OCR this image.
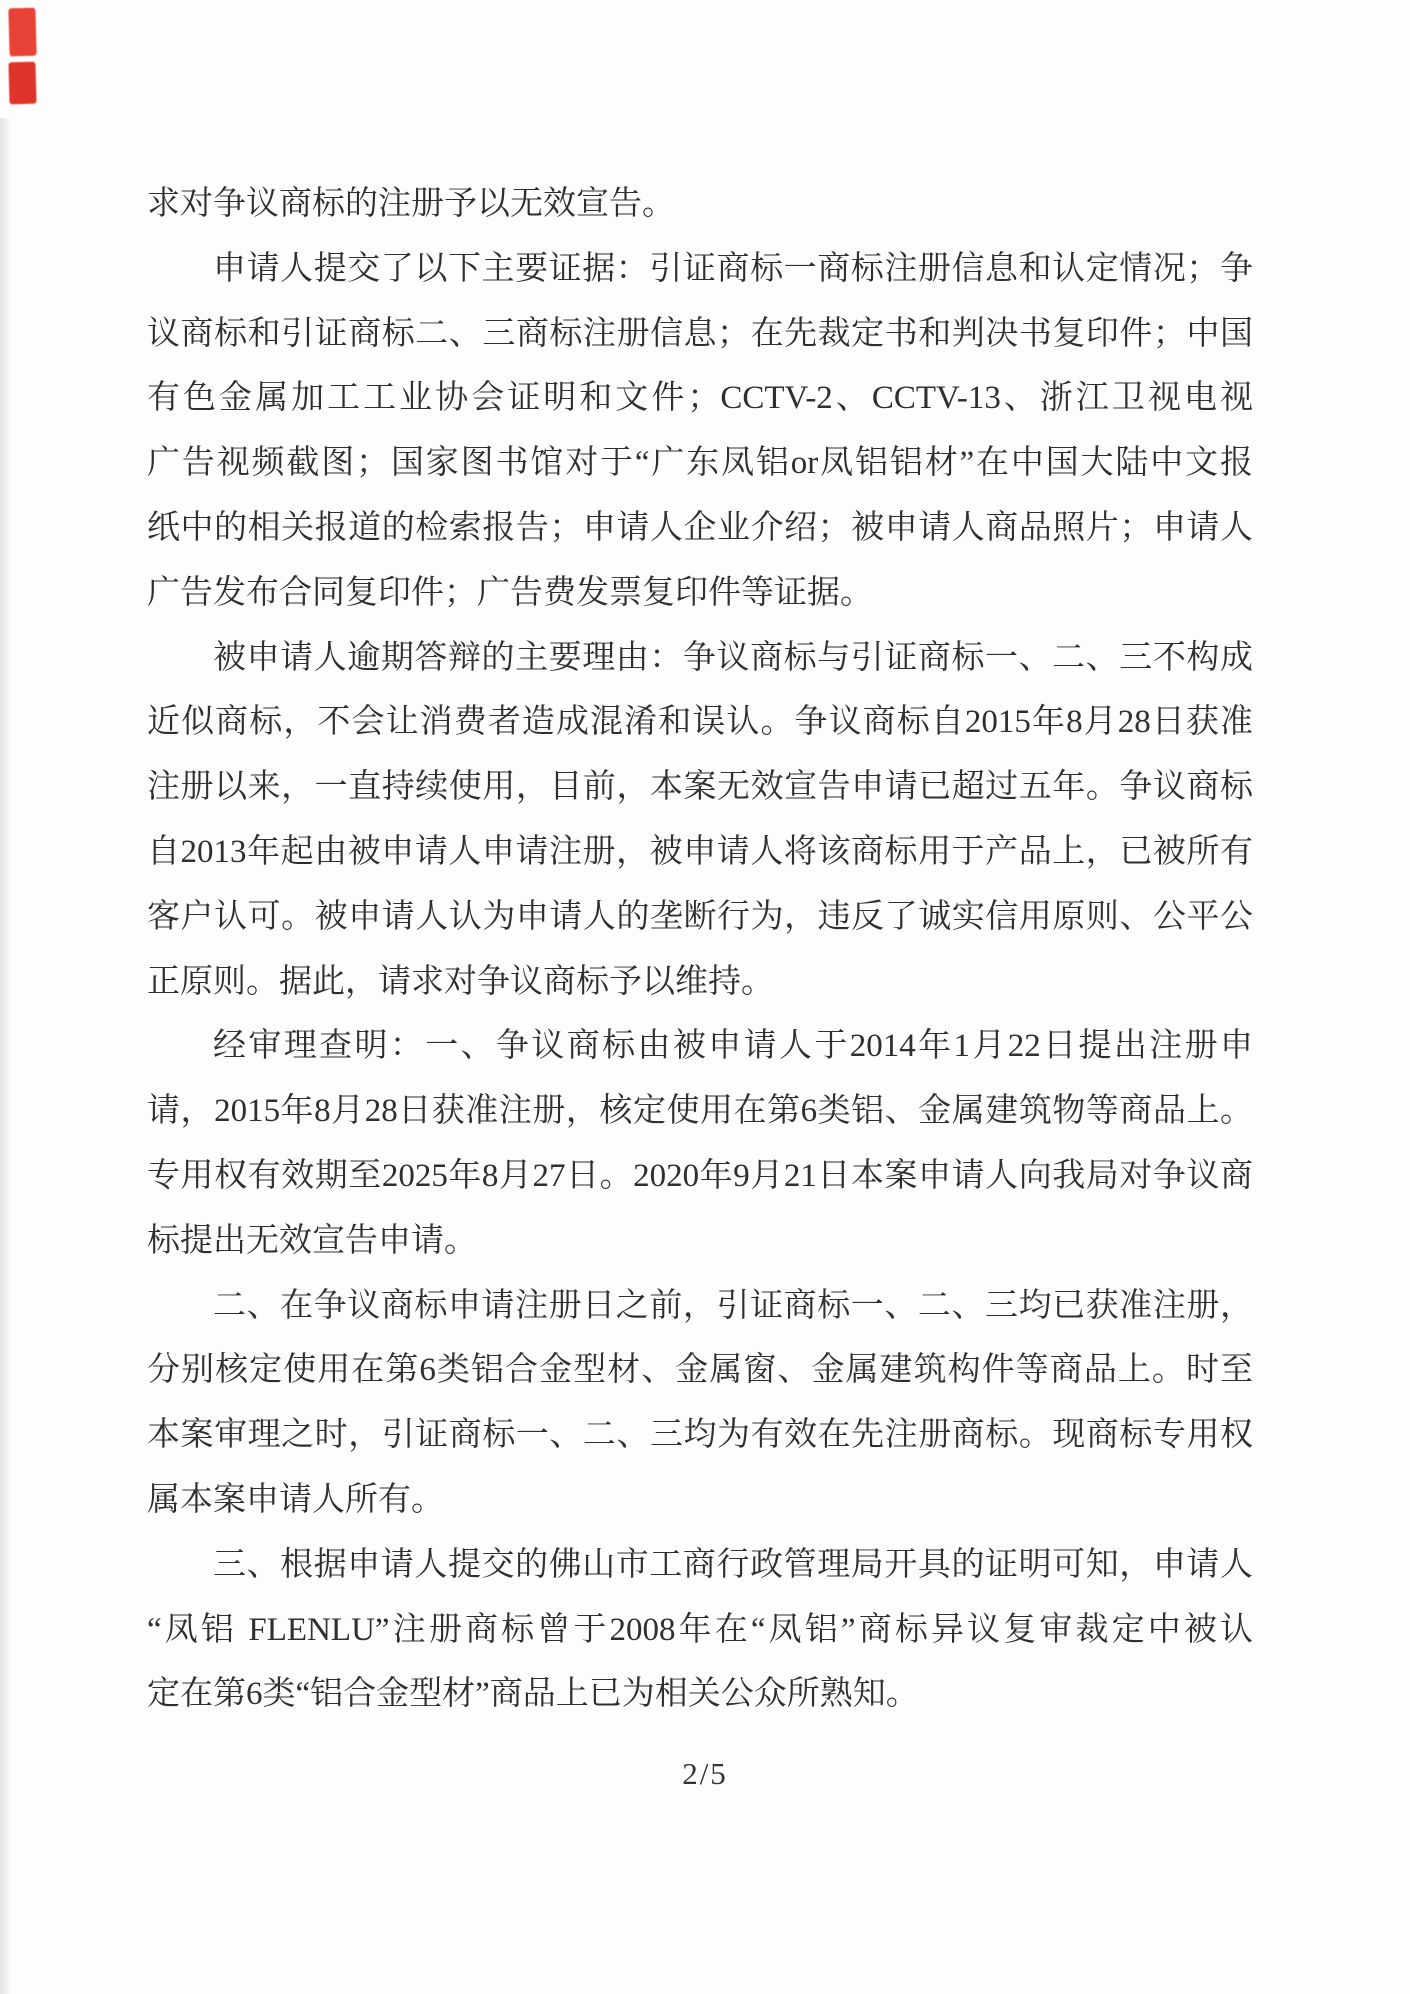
求对争议商标的注册予以无效宣告。
申请人提交了以下主要证据：引证商标一商标注册信息和认定情况；争
议商标和引证商标二、三商标注册信息；在先裁定书和判决书复印件；中国
有色金属加工工业协会证明和文件；CCTV-2、CCTV-13、浙江卫视电视
广告视频截图；国家图书馆对于“广东凤铝or凤铝铝材”在中国大陆中文报
纸中的相关报道的检索报告；申请人企业介绍；被申请人商品照片；申请人
广告发布合同复印件；广告费发票复印件等证据。
被申请人逾期答辩的主要理由：争议商标与引证商标一、二、三不构成
近似商标，不会让消费者造成混淆和误认。争议商标自2015年8月28日获准
注册以来，一直持续使用，目前，本案无效宣告申请已超过五年。争议商标
自2013年起由被申请人申请注册，被申请人将该商标用于产品上，已被所有
客户认可。被申请人认为申请人的垄断行为，违反了诚实信用原则、公平公
正原则。据此，请求对争议商标予以维持。
经审理查明：一、争议商标由被申请人于2014年1月22日提出注册申
请，2015年8月28日获准注册，核定使用在第6类铝、金属建筑物等商品上。
专用权有效期至2025年8月27日。2020年9月21日本案申请人向我局对争议商
标提出无效宣告申请。
二、在争议商标申请注册日之前，引证商标一、二、三均已获准注册，
分别核定使用在第6类铝合金型材、金属窗、金属建筑构件等商品上。时至
本案审理之时，引证商标一、二、三均为有效在先注册商标。现商标专用权
属本案申请人所有。
三、根据申请人提交的佛山市工商行政管理局开具的证明可知，申请人
“凤铝 FLENLU”注册商标曾于2008年在“凤铝”商标异议复审裁定中被认
定在第6类“铝合金型材”商品上已为相关公众所熟知。
2/5
